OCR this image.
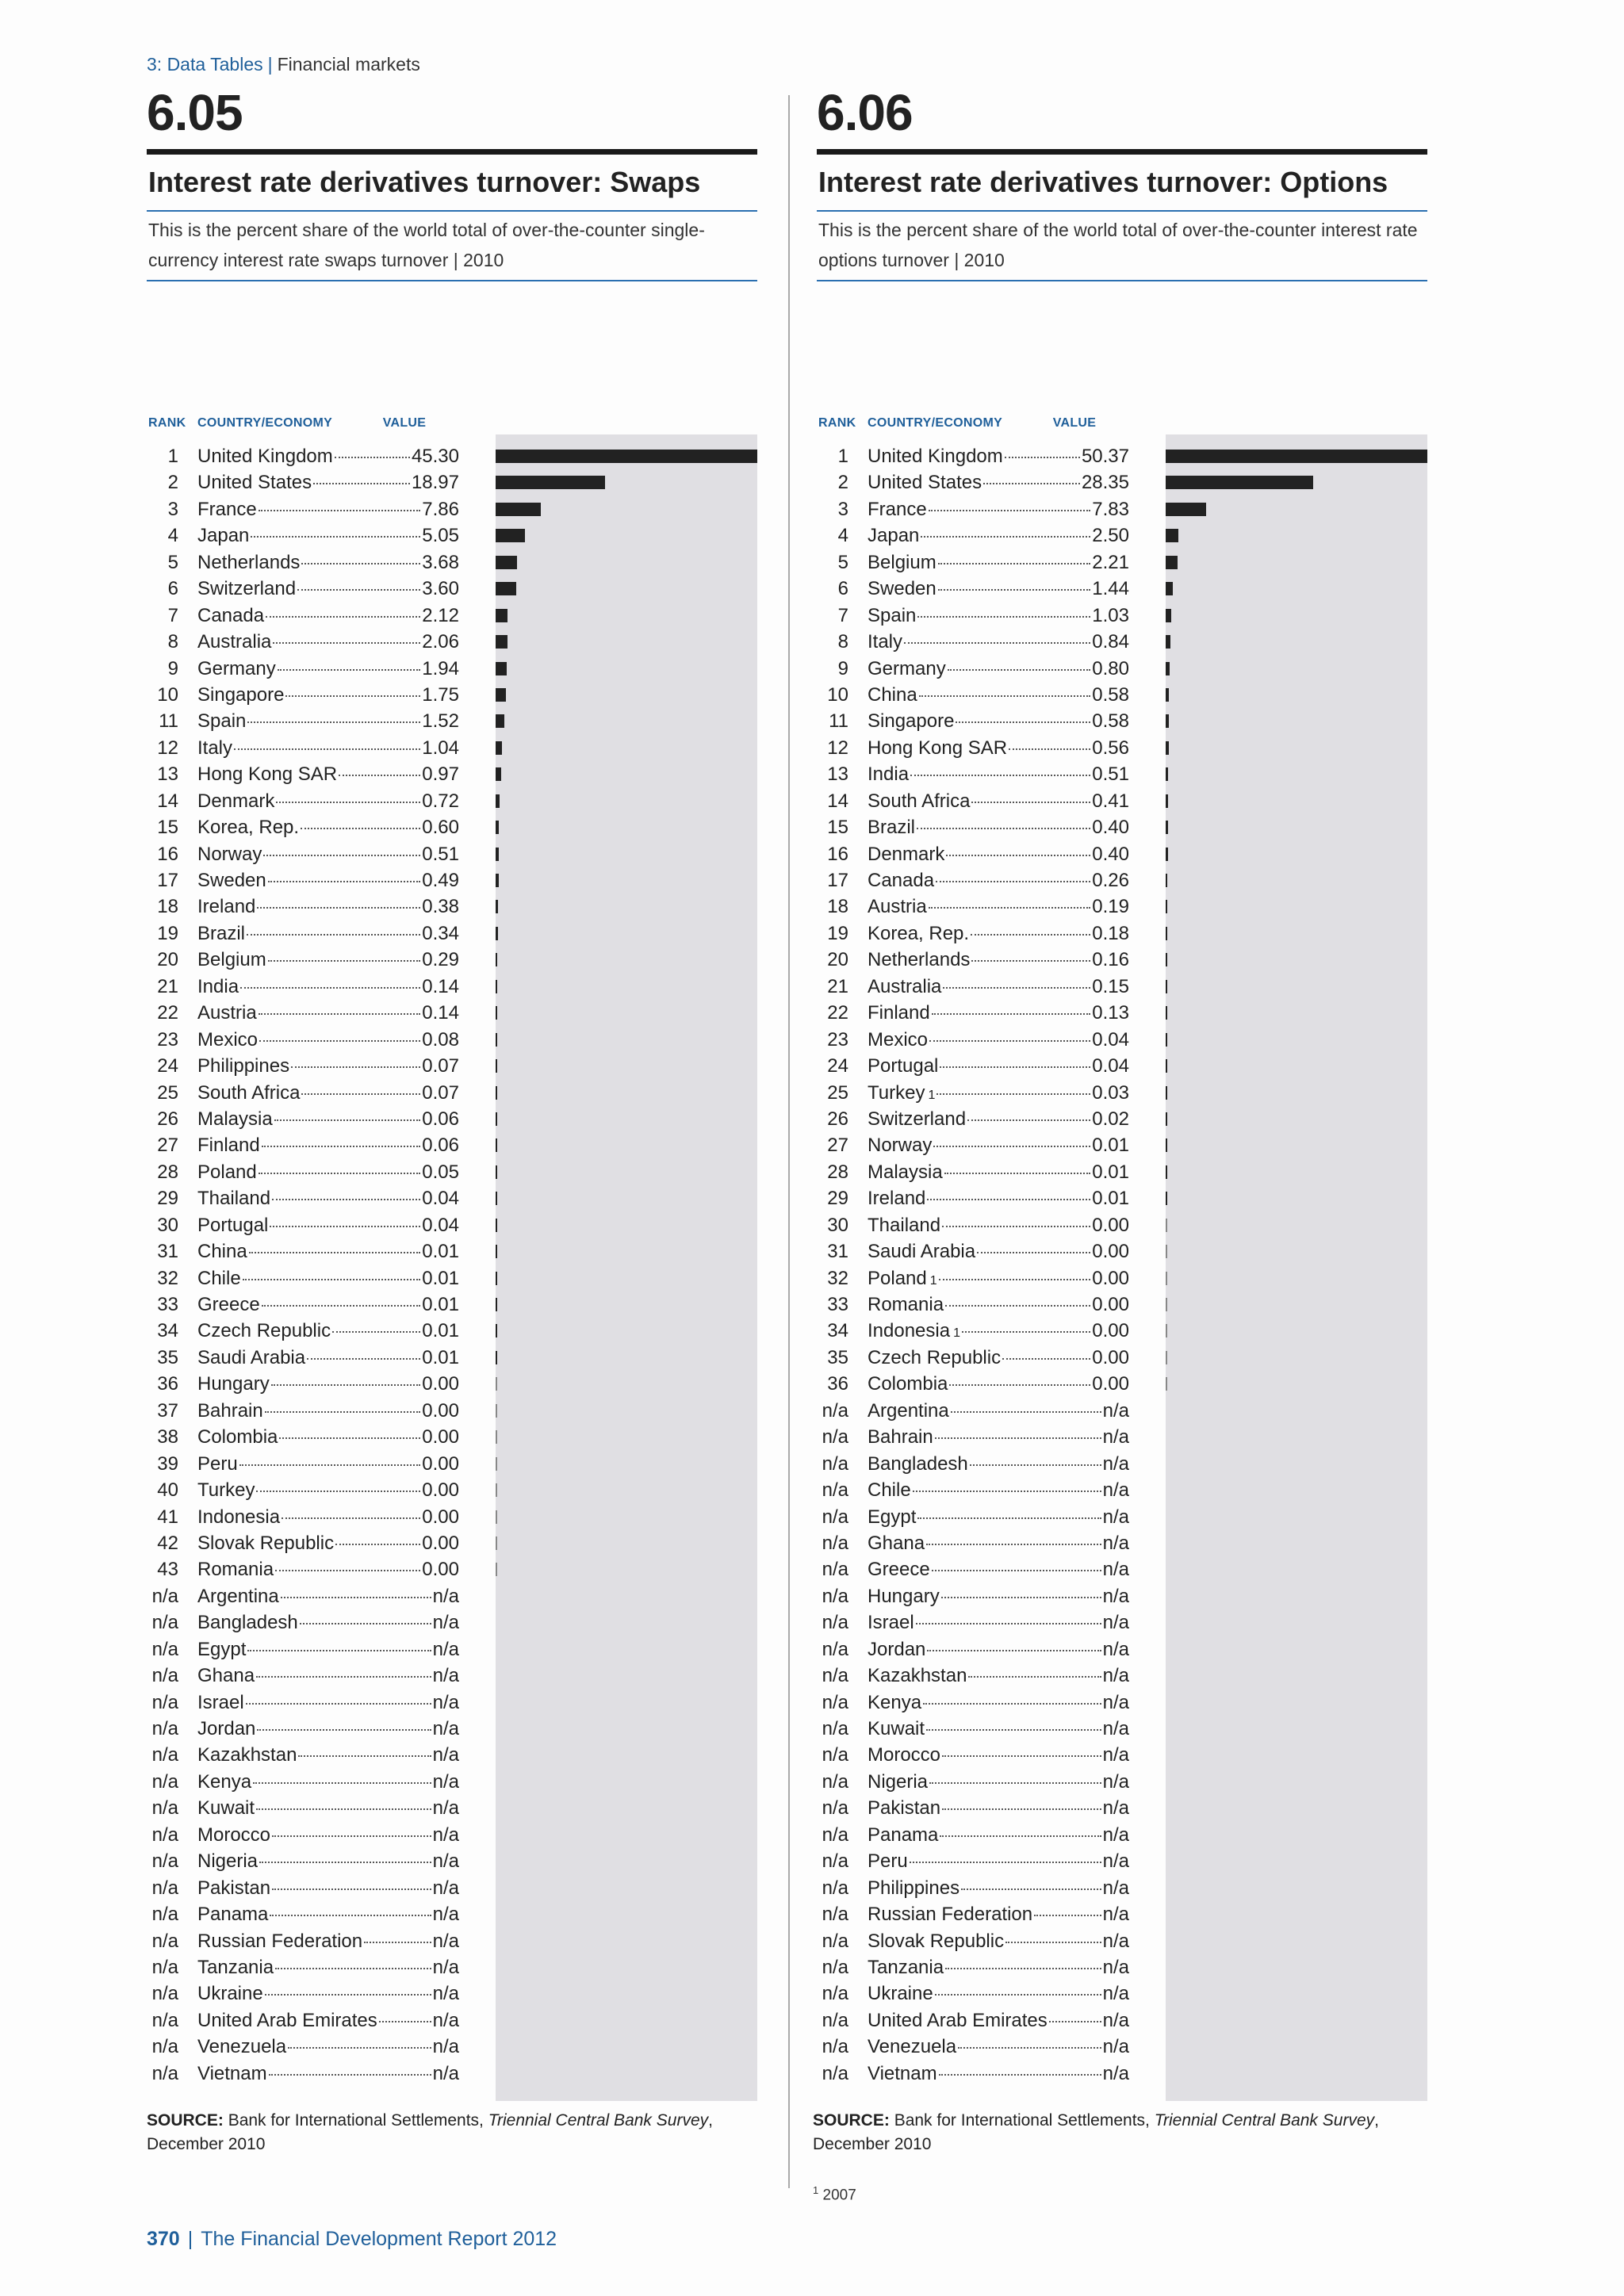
3: Data Tables | Financial markets
6.05
Interest rate derivatives turnover: Swaps
This is the percent share of the world total of over-the-counter single-currency interest rate swaps turnover | 2010
RANK COUNTRY/ECONOMY	VALUE
1 United Kingdom	45.30
2 United States	18.97
3 France	7.86
4 Japan	5.05
5 Netherlands	3.68
6 Switzerland	3.60
7 Canada	2.12
8 Australia	2.06
9 Germany	1.94
10 Singapore	1.75
11 Spain	1.52
12 Italy	1.04
13 Hong Kong SAR	0.97
14 Denmark	0.72
15 Korea, Rep.	0.60
16 Norway	0.51
17 Sweden	0.49
18 Ireland	0.38
19 Brazil	0.34
20 Belgium	0.29
21 India	0.14
22 Austria	0.14
23 Mexico	0.08
24 Philippines	0.07
25 South Africa	0.07
26 Malaysia	0.06
27 Finland	0.06
28 Poland	0.05
29 Thailand	0.04
30 Portugal	0.04
31 China	0.01
32 Chile	0.01
33 Greece	0.01
34 Czech Republic	0.01
35 Saudi Arabia	0.01
36 Hungary	0.00
37 Bahrain	0.00
38 Colombia	0.00
39 Peru	0.00
40 Turkey	0.00
41 Indonesia	0.00
42 Slovak Republic	0.00
43 Romania	0.00
n/a Argentina	n/a
n/a Bangladesh	n/a
n/a Egypt	n/a
n/a Ghana	n/a
n/a Israel	n/a
n/a Jordan	n/a
n/a Kazakhstan	n/a
n/a Kenya	n/a
n/a Kuwait	n/a
n/a Morocco	n/a
n/a Nigeria	n/a
n/a Pakistan	n/a
n/a Panama	n/a
n/a Russian Federation	n/a
n/a Tanzania	n/a
n/a Ukraine	n/a
n/a United Arab Emirates	n/a
n/a Venezuela	n/a
n/a Vietnam	n/a
6.06
Interest rate derivatives turnover: Options
This is the percent share of the world total of over-the-counter interest rate options turnover | 2010
RANK COUNTRY/ECONOMY	VALUE
1 United Kingdom	50.37
2 United States	28.35
3 France	7.83
4 Japan	2.50
5 Belgium	2.21
6 Sweden	1.44
7 Spain	1.03
8 Italy	0.84
9 Germany	0.80
10 China	0.58
11 Singapore	0.58
12 Hong Kong SAR	0.56
13 India	0.51
14 South Africa	0.41
15 Brazil	0.40
16 Denmark	0.40
17 Canada	0.26
18 Austria	0.19
19 Korea, Rep.	0.18
20 Netherlands	0.16
21 Australia	0.15
22 Finland	0.13
23 Mexico	0.04
24 Portugal	0.04
25 Turkey 1	0.03
26 Switzerland	0.02
27 Norway	0.01
28 Malaysia	0.01
29 Ireland	0.01
30 Thailand	0.00
31 Saudi Arabia	0.00
32 Poland 1	0.00
33 Romania	0.00
34 Indonesia 1	0.00
35 Czech Republic	0.00
36 Colombia	0.00
n/a Argentina	n/a
n/a Bahrain	n/a
n/a Bangladesh	n/a
n/a Chile	n/a
n/a Egypt	n/a
n/a Ghana	n/a
n/a Greece	n/a
n/a Hungary	n/a
n/a Israel	n/a
n/a Jordan	n/a
n/a Kazakhstan	n/a
n/a Kenya	n/a
n/a Kuwait	n/a
n/a Morocco	n/a
n/a Nigeria	n/a
n/a Pakistan	n/a
n/a Panama	n/a
n/a Peru	n/a
n/a Philippines	n/a
n/a Russian Federation	n/a
n/a Slovak Republic	n/a
n/a Tanzania	n/a
n/a Ukraine	n/a
n/a United Arab Emirates	n/a
n/a Venezuela	n/a
n/a Vietnam	n/a
SOURCE: Bank for International Settlements, Triennial Central Bank Survey,
December 2010
SOURCE: Bank for International Settlements, Triennial Central Bank Survey,
December 2010
$^1$ 2007
370 | The Financial Development Report 2012
